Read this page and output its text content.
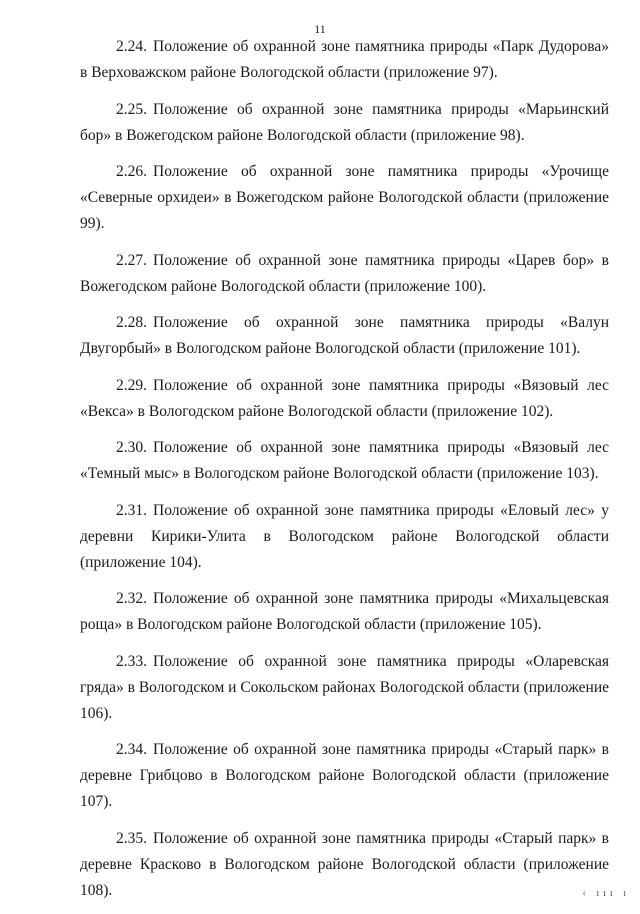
11

2.24. Положение об охранной зоне памятника природы «Парк Дудорова» в Верховажском районе Вологодской области (приложение 97).

2.25. Положение об охранной зоне памятника природы «Марьинский бор» в Вожегодском районе Вологодской области (приложение 98).

2.26. Положение об охранной зоне памятника природы «Урочище «Северные орхидеи» в Вожегодском районе Вологодской области (приложение 99).

2.27. Положение об охранной зоне памятника природы «Царев бор» в Вожегодском районе Вологодской области (приложение 100).

2.28. Положение об охранной зоне памятника природы «Валун Двугорбый» в Вологодском районе Вологодской области (приложение 101).

2.29. Положение об охранной зоне памятника природы «Вязовый лес «Векса» в Вологодском районе Вологодской области (приложение 102).

2.30. Положение об охранной зоне памятника природы «Вязовый лес «Темный мыс» в Вологодском районе Вологодской области (приложение 103).

2.31. Положение об охранной зоне памятника природы «Еловый лес» у деревни Кирики-Улита в Вологодском районе Вологодской области (приложение 104).

2.32. Положение об охранной зоне памятника природы «Михальцевская роща» в Вологодском районе Вологодской области (приложение 105).

2.33. Положение об охранной зоне памятника природы «Оларевская гряда» в Вологодском и Сокольском районах Вологодской области (приложение 106).

2.34. Положение об охранной зоне памятника природы «Старый парк» в деревне Грибцово в Вологодском районе Вологодской области (приложение 107).

2.35. Положение об охранной зоне памятника природы «Старый парк» в деревне Красково в Вологодском районе Вологодской области (приложение 108).	‹ ııı ı
